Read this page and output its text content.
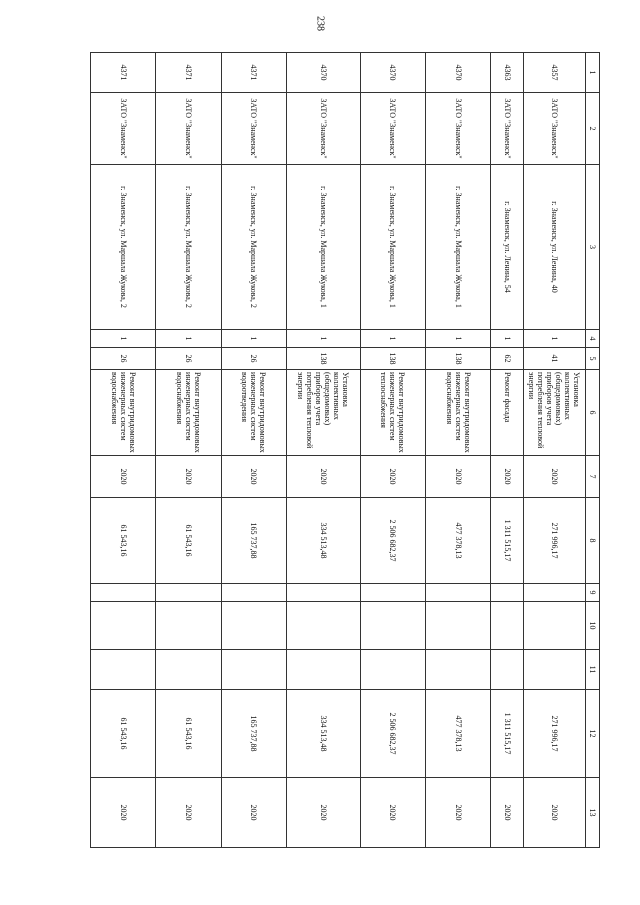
238
1	2	3	4	5	6	7	8	9	10	11	12	13
4357	ЗАТО "Знаменск"	г. Знаменск, ул. Ленина, 40	1	41	Установка коллективных (общедомовых) приборов учета потребления тепловой энергии	2020	271 996,17				271 996,17	2020
4363	ЗАТО "Знаменск"	г. Знаменск, ул. Ленина, 54	1	62	Ремонт фасада	2020	1 311 515,17				1 311 515,17	2020
4370	ЗАТО "Знаменск"	г. Знаменск, ул. Маршала Жукова, 1	1	138	Ремонт внутридомовых инженерных систем водоснабжения	2020	477 378,13				477 378,13	2020
4370	ЗАТО "Знаменск"	г. Знаменск, ул. Маршала Жукова, 1	1	138	Ремонт внутридомовых инженерных систем теплоснабжения	2020	2 506 682,37				2 506 682,37	2020
4370	ЗАТО "Знаменск"	г. Знаменск, ул. Маршала Жукова, 1	1	138	Установка коллективных (общедомовых) приборов учета потребления тепловой энергии	2020	334 513,48				334 513,48	2020
4371	ЗАТО "Знаменск"	г. Знаменск, ул. Маршала Жукова, 2	1	26	Ремонт внутридомовых инженерных систем водоотведения	2020	165 737,88				165 737,88	2020
4371	ЗАТО "Знаменск"	г. Знаменск, ул. Маршала Жукова, 2	1	26	Ремонт внутридомовых инженерных систем водоснабжения	2020	61 543,16				61 543,16	2020
4371	ЗАТО "Знаменск"	г. Знаменск, ул. Маршала Жукова, 2	1	26	Ремонт внутридомовых инженерных систем водоснабжения	2020	61 543,16				61 543,16	2020
